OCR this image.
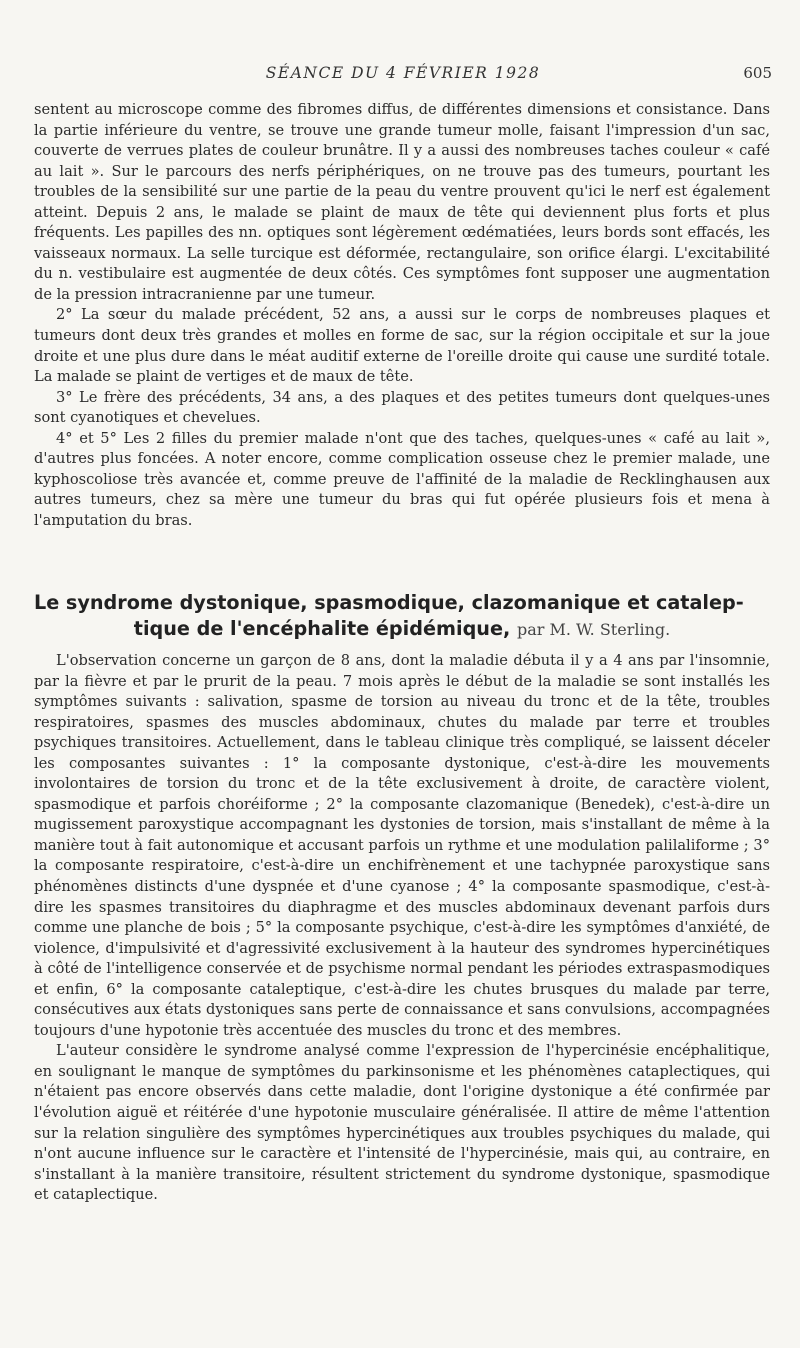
SÉANCE DU 4 FÉVRIER 1928	605

sentent au microscope comme des fibromes diffus, de différentes dimensions et consistance. Dans la partie inférieure du ventre, se trouve une grande tumeur molle, faisant l'impression d'un sac, couverte de verrues plates de couleur brunâtre. Il y a aussi des nombreuses taches couleur « café au lait ». Sur le parcours des nerfs périphériques, on ne trouve pas des tumeurs, pourtant les troubles de la sensibilité sur une partie de la peau du ventre prouvent qu'ici le nerf est également atteint. Depuis 2 ans, le malade se plaint de maux de tête qui deviennent plus forts et plus fréquents. Les papilles des nn. optiques sont légèrement œdématiées, leurs bords sont effacés, les vaisseaux normaux. La selle turcique est déformée, rectangulaire, son orifice élargi. L'excitabilité du n. vestibulaire est augmentée de deux côtés. Ces symptômes font supposer une augmentation de la pression intracranienne par une tumeur.

2° La sœur du malade précédent, 52 ans, a aussi sur le corps de nombreuses plaques et tumeurs dont deux très grandes et molles en forme de sac, sur la région occipitale et sur la joue droite et une plus dure dans le méat auditif externe de l'oreille droite qui cause une surdité totale. La malade se plaint de vertiges et de maux de tête.

3° Le frère des précédents, 34 ans, a des plaques et des petites tumeurs dont quelques-unes sont cyanotiques et chevelues.

4° et 5° Les 2 filles du premier malade n'ont que des taches, quelques-unes « café au lait », d'autres plus foncées. A noter encore, comme complication osseuse chez le premier malade, une kyphoscoliose très avancée et, comme preuve de l'affinité de la maladie de Recklinghausen aux autres tumeurs, chez sa mère une tumeur du bras qui fut opérée plusieurs fois et mena à l'amputation du bras.

Le syndrome dystonique, spasmodique, clazomanique et catalep-
tique de l'encéphalite épidémique, par M. W. Sterling.

L'observation concerne un garçon de 8 ans, dont la maladie débuta il y a 4 ans par l'insomnie, par la fièvre et par le prurit de la peau. 7 mois après le début de la maladie se sont installés les symptômes suivants : salivation, spasme de torsion au niveau du tronc et de la tête, troubles respiratoires, spasmes des muscles abdominaux, chutes du malade par terre et troubles psychiques transitoires. Actuellement, dans le tableau clinique très compliqué, se laissent déceler les composantes suivantes : 1° la composante dystonique, c'est-à-dire les mouvements involontaires de torsion du tronc et de la tête exclusivement à droite, de caractère violent, spasmodique et parfois choréiforme ; 2° la composante clazomanique (Benedek), c'est-à-dire un mugissement paroxystique accompagnant les dystonies de torsion, mais s'installant de même à la manière tout à fait autonomique et accusant parfois un rythme et une modulation palilaliforme ; 3° la composante respiratoire, c'est-à-dire un enchifrènement et une tachypnée paroxystique sans phénomènes distincts d'une dyspnée et d'une cyanose ; 4° la composante spasmodique, c'est-à-dire les spasmes transitoires du diaphragme et des muscles abdominaux devenant parfois durs comme une planche de bois ; 5° la composante psychique, c'est-à-dire les symptômes d'anxiété, de violence, d'impulsivité et d'agressivité exclusivement à la hauteur des syndromes hypercinétiques à côté de l'intelligence conservée et de psychisme normal pendant les périodes extraspasmodiques et enfin, 6° la composante cataleptique, c'est-à-dire les chutes brusques du malade par terre, consécutives aux états dystoniques sans perte de connaissance et sans convulsions, accompagnées toujours d'une hypotonie très accentuée des muscles du tronc et des membres.

L'auteur considère le syndrome analysé comme l'expression de l'hypercinésie encéphalitique, en soulignant le manque de symptômes du parkinsonisme et les phénomènes cataplectiques, qui n'étaient pas encore observés dans cette maladie, dont l'origine dystonique a été confirmée par l'évolution aiguë et réitérée d'une hypotonie musculaire généralisée. Il attire de même l'attention sur la relation singulière des symptômes hypercinétiques aux troubles psychiques du malade, qui n'ont aucune influence sur le caractère et l'intensité de l'hypercinésie, mais qui, au contraire, en s'installant à la manière transitoire, résultent strictement du syndrome dystonique, spasmodique et cataplectique.
